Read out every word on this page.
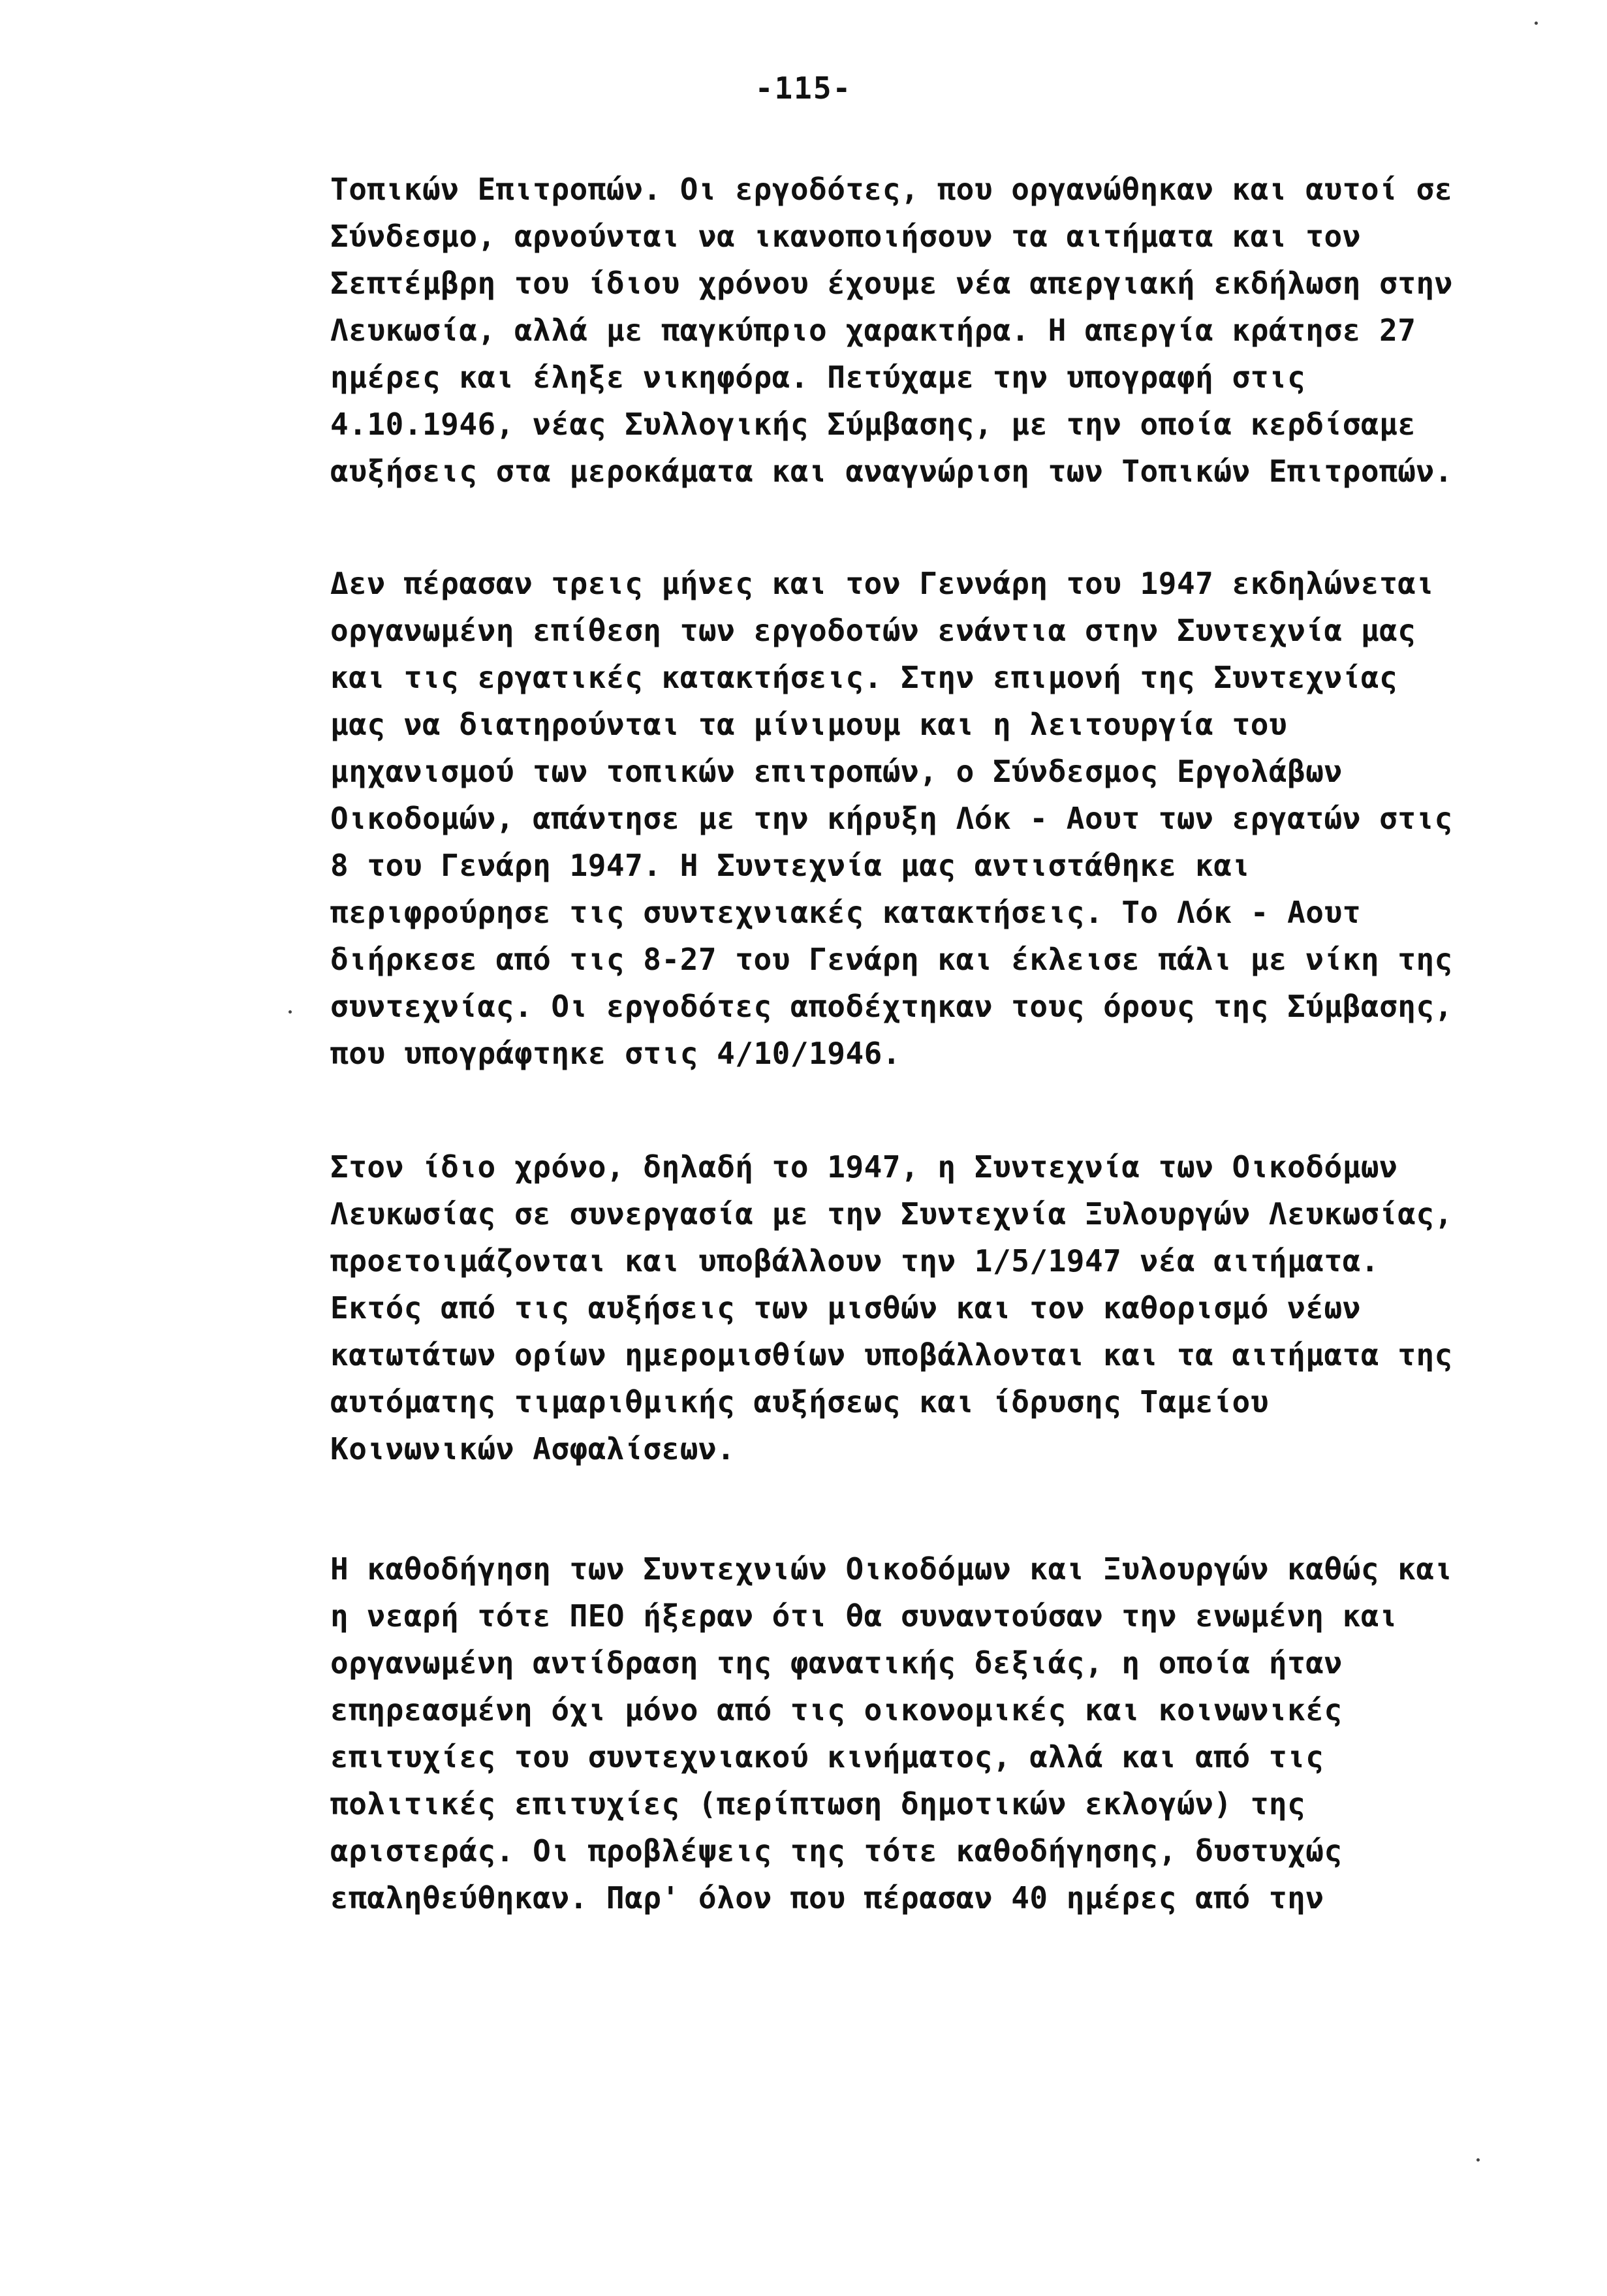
-115-
Τοπικών Επιτροπών. Οι εργοδότες, που οργανώθηκαν και αυτοί σε
Σύνδεσμο, αρνούνται να ικανοποιήσουν τα αιτήματα και τον
Σεπτέμβρη του ίδιου χρόνου έχουμε νέα απεργιακή εκδήλωση στην
Λευκωσία, αλλά με παγκύπριο χαρακτήρα. Η απεργία κράτησε 27
ημέρες και έληξε νικηφόρα. Πετύχαμε την υπογραφή στις
4.10.1946, νέας Συλλογικής Σύμβασης, με την οποία κερδίσαμε
αυξήσεις στα μεροκάματα και αναγνώριση των Τοπικών Επιτροπών.
Δεν πέρασαν τρεις μήνες και τον Γεννάρη του 1947 εκδηλώνεται
οργανωμένη επίθεση των εργοδοτών ενάντια στην Συντεχνία μας
και τις εργατικές κατακτήσεις. Στην επιμονή της Συντεχνίας
μας να διατηρούνται τα μίνιμουμ και η λειτουργία του
μηχανισμού των τοπικών επιτροπών, ο Σύνδεσμος Εργολάβων
Οικοδομών, απάντησε με την κήρυξη Λόκ - Αουτ των εργατών στις
8 του Γενάρη 1947. Η Συντεχνία μας αντιστάθηκε και
περιφρούρησε τις συντεχνιακές κατακτήσεις. Το Λόκ - Αουτ
διήρκεσε από τις 8-27 του Γενάρη και έκλεισε πάλι με νίκη της
συντεχνίας. Οι εργοδότες αποδέχτηκαν τους όρους της Σύμβασης,
που υπογράφτηκε στις 4/10/1946.
Στον ίδιο χρόνο, δηλαδή το 1947, η Συντεχνία των Οικοδόμων
Λευκωσίας σε συνεργασία με την Συντεχνία Ξυλουργών Λευκωσίας,
προετοιμάζονται και υποβάλλουν την 1/5/1947 νέα αιτήματα.
Εκτός από τις αυξήσεις των μισθών και τον καθορισμό νέων
κατωτάτων ορίων ημερομισθίων υποβάλλονται και τα αιτήματα της
αυτόματης τιμαριθμικής αυξήσεως και ίδρυσης Ταμείου
Κοινωνικών Ασφαλίσεων.
Η καθοδήγηση των Συντεχνιών Οικοδόμων και Ξυλουργών καθώς και
η νεαρή τότε ΠΕΟ ήξεραν ότι θα συναντούσαν την ενωμένη και
οργανωμένη αντίδραση της φανατικής δεξιάς, η οποία ήταν
επηρεασμένη όχι μόνο από τις οικονομικές και κοινωνικές
επιτυχίες του συντεχνιακού κινήματος, αλλά και από τις
πολιτικές επιτυχίες (περίπτωση δημοτικών εκλογών) της
αριστεράς. Οι προβλέψεις της τότε καθοδήγησης, δυστυχώς
επαληθεύθηκαν. Παρ' όλον που πέρασαν 40 ημέρες από την
